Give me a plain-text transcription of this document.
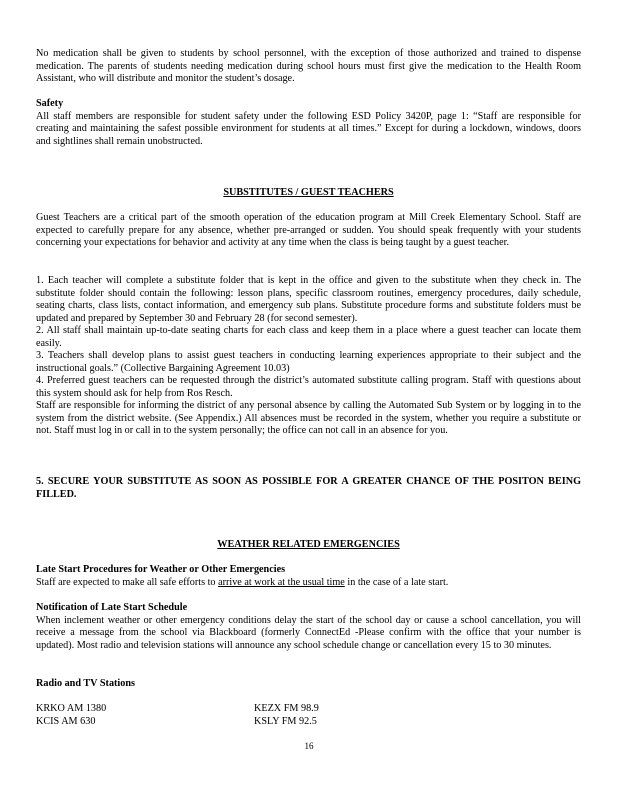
No medication shall be given to students by school personnel, with the exception of those authorized and trained to dispense medication. The parents of students needing medication during school hours must first give the medication to the Health Room Assistant, who will distribute and monitor the student’s dosage.

Safety

All staff members are responsible for student safety under the following ESD Policy 3420P, page 1: “Staff are responsible for creating and maintaining the safest possible environment for students at all times.” Except for during a lockdown, windows, doors and sightlines shall remain unobstructed.

SUBSTITUTES / GUEST TEACHERS

Guest Teachers are a critical part of the smooth operation of the education program at Mill Creek Elementary School. Staff are expected to carefully prepare for any absence, whether pre-arranged or sudden. You should speak frequently with your students concerning your expectations for behavior and activity at any time when the class is being taught by a guest teacher.

1. Each teacher will complete a substitute folder that is kept in the office and given to the substitute when they check in. The substitute folder should contain the following: lesson plans, specific classroom routines, emergency procedures, daily schedule, seating charts, class lists, contact information, and emergency sub plans. Substitute procedure forms and substitute folders must be updated and prepared by September 30 and February 28 (for second semester).

2. All staff shall maintain up-to-date seating charts for each class and keep them in a place where a guest teacher can locate them easily.

3. Teachers shall develop plans to assist guest teachers in conducting learning experiences appropriate to their subject and the instructional goals.” (Collective Bargaining Agreement 10.03)

4. Preferred guest teachers can be requested through the district’s automated substitute calling program. Staff with questions about this system should ask for help from Ros Resch.

Staff are responsible for informing the district of any personal absence by calling the Automated Sub System or by logging in to the system from the district website. (See Appendix.) All absences must be recorded in the system, whether you require a substitute or not. Staff must log in or call in to the system personally; the office can not call in an absence for you.

5. SECURE YOUR SUBSTITUTE AS SOON AS POSSIBLE FOR A GREATER CHANCE OF THE POSITON BEING FILLED.

WEATHER RELATED EMERGENCIES

Late Start Procedures for Weather or Other Emergencies

Staff are expected to make all safe efforts to arrive at work at the usual time in the case of a late start.

Notification of Late Start Schedule

When inclement weather or other emergency conditions delay the start of the school day or cause a school cancellation, you will receive a message from the school via Blackboard (formerly ConnectEd -Please confirm with the office that your number is updated). Most radio and television stations will announce any school schedule change or cancellation every 15 to 30 minutes.

Radio and TV Stations
KRKO AM 1380
KCIS AM 630
KEZX FM 98.9
KSLY FM 92.5
16
